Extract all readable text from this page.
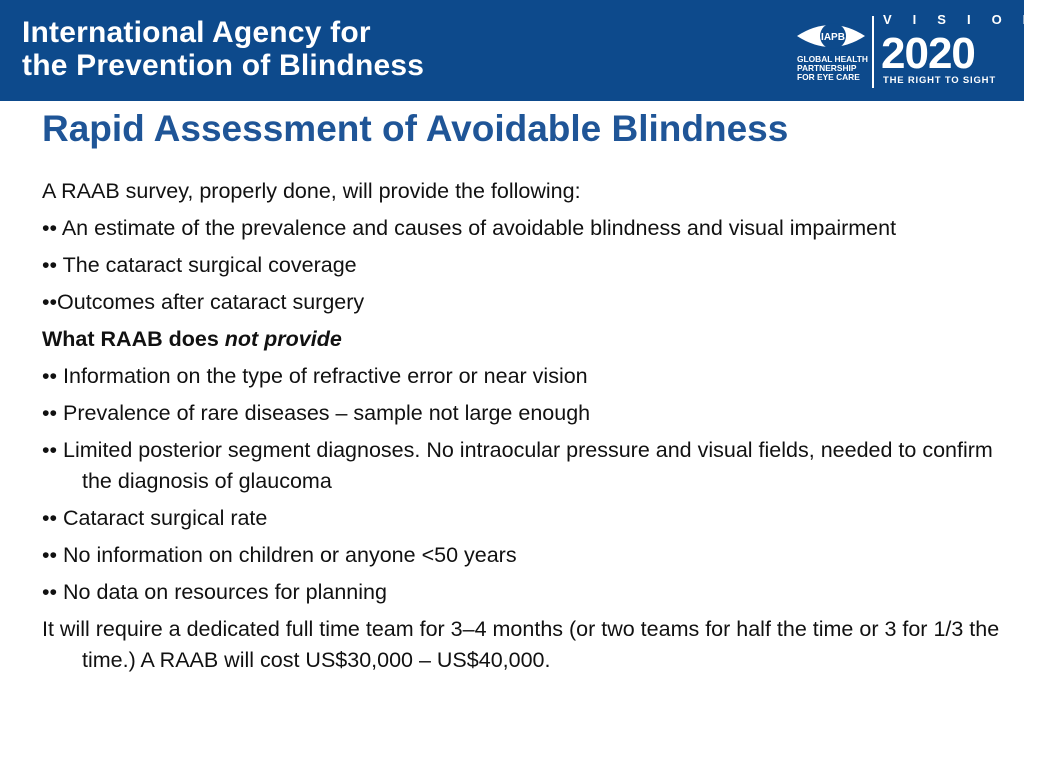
International Agency for
the Prevention of Blindness
IAPB
GLOBAL HEALTH
PARTNERSHIP
FOR EYE CARE
VISION
2020
THE RIGHT TO SIGHT
Rapid Assessment of Avoidable Blindness

A RAAB survey, properly done, will provide the following:

•• An estimate of the prevalence and causes of avoidable blindness and visual impairment

•• The cataract surgical coverage

••Outcomes after cataract surgery

What RAAB does not provide

•• Information on the type of refractive error or near vision

•• Prevalence of rare diseases – sample not large enough

•• Limited posterior segment diagnoses. No intraocular pressure and visual fields, needed to confirm the diagnosis of glaucoma

•• Cataract surgical rate

•• No information on children or anyone <50 years

•• No data on resources for planning

It will require a dedicated full time team for 3–4 months (or two teams for half the time or 3 for 1/3 the time.) A RAAB will cost US$30,000 – US$40,000.
